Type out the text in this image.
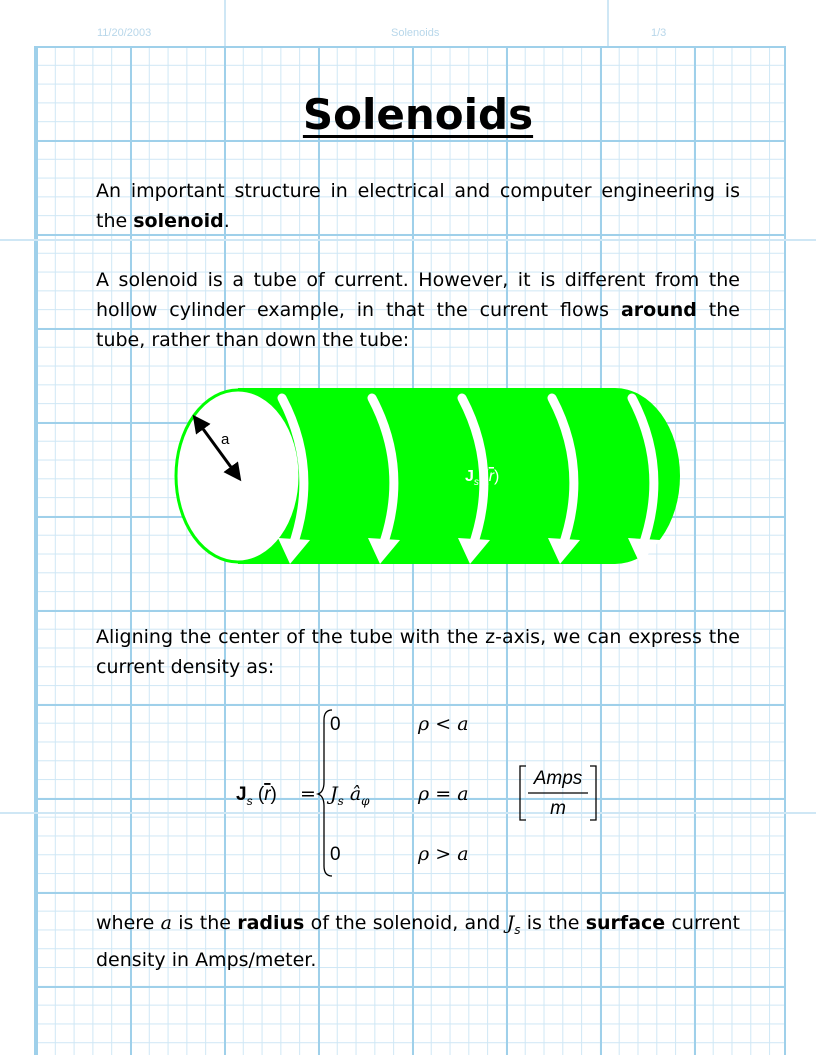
11/20/2003	Solenoids	1/3
Solenoids
An important structure in electrical and computer engineering is the solenoid.
A solenoid is a tube of current. However, it is different from the hollow cylinder example, in that the current flows around the tube, rather than down the tube:
a
$J_s$ (r)
Aligning the center of the tube with the z-axis, we can express the current density as:
$J_s$ (r) =
0	ρ < a
$J_s$ $â_\varphi$	ρ = a
0	ρ > a
Amps
m
where a is the radius of the solenoid, and $J_s$ is the surface current density in Amps/meter.
